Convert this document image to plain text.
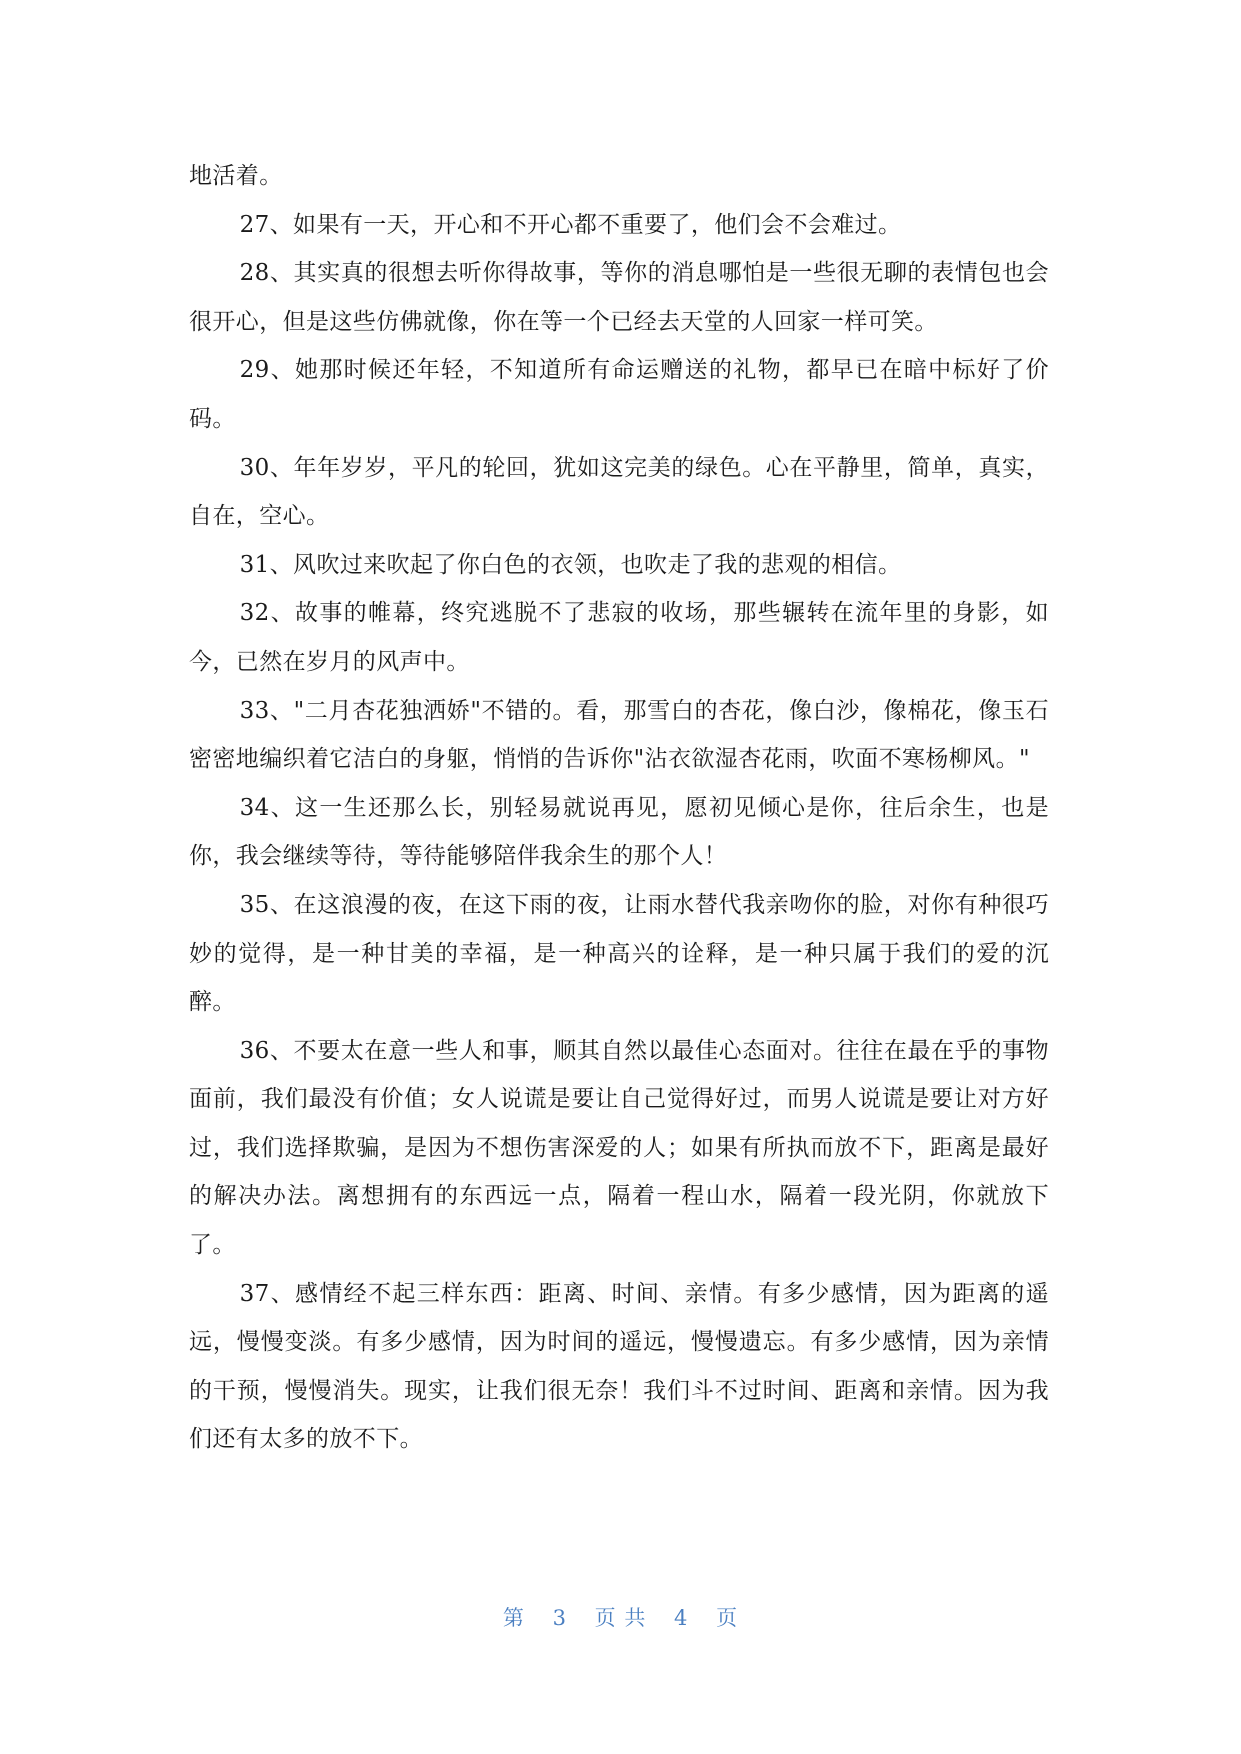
地活着。

27、如果有一天，开心和不开心都不重要了，他们会不会难过。

28、其实真的很想去听你得故事，等你的消息哪怕是一些很无聊的表情包也会很开心，但是这些仿佛就像，你在等一个已经去天堂的人回家一样可笑。

29、她那时候还年轻，不知道所有命运赠送的礼物，都早已在暗中标好了价码。

30、年年岁岁，平凡的轮回，犹如这完美的绿色。心在平静里，简单，真实，自在，空心。

31、风吹过来吹起了你白色的衣领，也吹走了我的悲观的相信。

32、故事的帷幕，终究逃脱不了悲寂的收场，那些辗转在流年里的身影，如今，已然在岁月的风声中。

33、"二月杏花独洒娇"不错的。看，那雪白的杏花，像白沙，像棉花，像玉石密密地编织着它洁白的身躯，悄悄的告诉你"沾衣欲湿杏花雨，吹面不寒杨柳风。"

34、这一生还那么长，别轻易就说再见，愿初见倾心是你，往后余生，也是你，我会继续等待，等待能够陪伴我余生的那个人！

35、在这浪漫的夜，在这下雨的夜，让雨水替代我亲吻你的脸，对你有种很巧妙的觉得，是一种甘美的幸福，是一种高兴的诠释，是一种只属于我们的爱的沉醉。

36、不要太在意一些人和事，顺其自然以最佳心态面对。往往在最在乎的事物面前，我们最没有价值；女人说谎是要让自己觉得好过，而男人说谎是要让对方好过，我们选择欺骗，是因为不想伤害深爱的人；如果有所执而放不下，距离是最好的解决办法。离想拥有的东西远一点，隔着一程山水，隔着一段光阴，你就放下了。

37、感情经不起三样东西：距离、时间、亲情。有多少感情，因为距离的遥远，慢慢变淡。有多少感情，因为时间的遥远，慢慢遗忘。有多少感情，因为亲情的干预，慢慢消失。现实，让我们很无奈！我们斗不过时间、距离和亲情。因为我们还有太多的放不下。

第 3 页 共 4 页
